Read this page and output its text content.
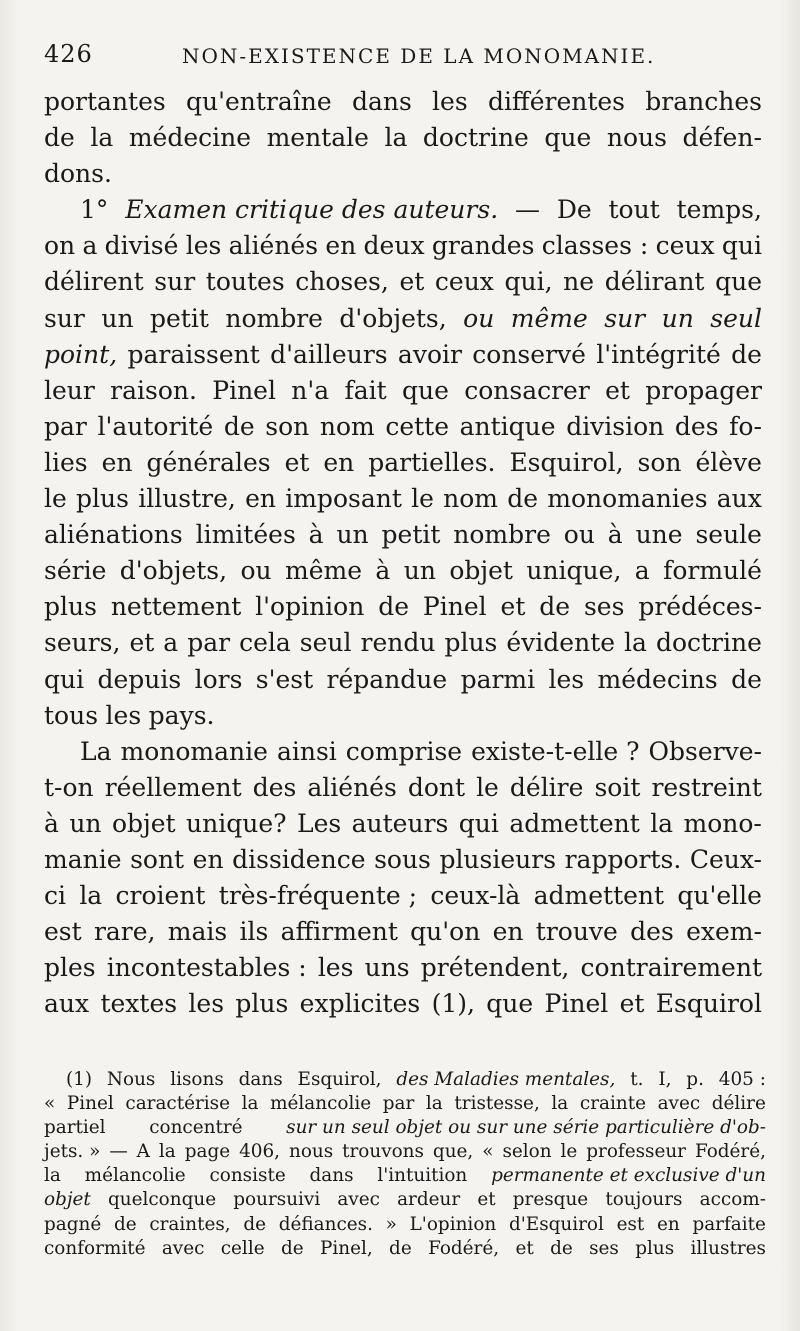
426	NON-EXISTENCE DE LA MONOMANIE.
portantes qu'entraîne dans les différentes branches
de la médecine mentale la doctrine que nous défen-
dons.
1° Examen critique des auteurs. — De tout temps,
on a divisé les aliénés en deux grandes classes : ceux qui
délirent sur toutes choses, et ceux qui, ne délirant que
sur un petit nombre d'objets, ou même sur un seul
point, paraissent d'ailleurs avoir conservé l'intégrité de
leur raison. Pinel n'a fait que consacrer et propager
par l'autorité de son nom cette antique division des fo-
lies en générales et en partielles. Esquirol, son élève
le plus illustre, en imposant le nom de monomanies aux
aliénations limitées à un petit nombre ou à une seule
série d'objets, ou même à un objet unique, a formulé
plus nettement l'opinion de Pinel et de ses prédéces-
seurs, et a par cela seul rendu plus évidente la doctrine
qui depuis lors s'est répandue parmi les médecins de
tous les pays.
La monomanie ainsi comprise existe-t-elle ? Observe-
t-on réellement des aliénés dont le délire soit restreint
à un objet unique? Les auteurs qui admettent la mono-
manie sont en dissidence sous plusieurs rapports. Ceux-
ci la croient très-fréquente ; ceux-là admettent qu'elle
est rare, mais ils affirment qu'on en trouve des exem-
ples incontestables : les uns prétendent, contrairement
aux textes les plus explicites (1), que Pinel et Esquirol
(1) Nous lisons dans Esquirol, des Maladies mentales, t. I, p. 405 :
« Pinel caractérise la mélancolie par la tristesse, la crainte avec délire
partiel concentré sur un seul objet ou sur une série particulière d'ob-
jets. » — A la page 406, nous trouvons que, « selon le professeur Fodéré,
la mélancolie consiste dans l'intuition permanente et exclusive d'un
objet quelconque poursuivi avec ardeur et presque toujours accom-
pagné de craintes, de défiances. » L'opinion d'Esquirol est en parfaite
conformité avec celle de Pinel, de Fodéré, et de ses plus illustres
